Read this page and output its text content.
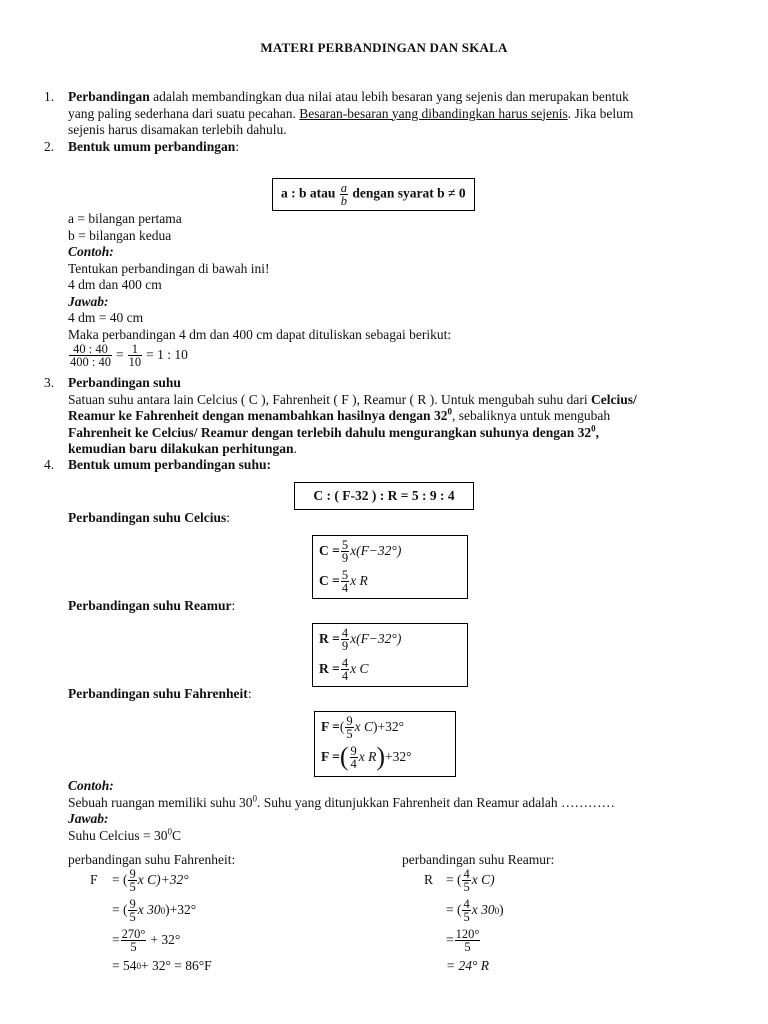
MATERI PERBANDINGAN DAN SKALA
1. Perbandingan adalah membandingkan dua nilai atau lebih besaran yang sejenis dan merupakan bentuk
yang paling sederhana dari suatu pecahan. Besaran-besaran yang dibandingkan harus sejenis. Jika belum
sejenis harus disamakan terlebih dahulu.
2. Bentuk umum perbandingan:
a : b atau $\frac{a}{b}$ dengan syarat b ≠ 0
a = bilangan pertama
b = bilangan kedua
Contoh:
Tentukan perbandingan di bawah ini!
4 dm dan 400 cm
Jawab:
4 dm = 40 cm
Maka perbandingan 4 dm dan 400 cm dapat dituliskan sebagai berikut:
$\frac{40 : 40}{400 : 40} = \frac{1}{10} = 1$ : 10
3. Perbandingan suhu
Satuan suhu antara lain Celcius ( C ), Fahrenheit ( F ), Reamur ( R ). Untuk mengubah suhu dari Celcius/
Reamur ke Fahrenheit dengan menambahkan hasilnya dengan $32^0$, sebaliknya untuk mengubah
Fahrenheit ke Celcius/ Reamur dengan terlebih dahulu mengurangkan suhunya dengan $32^0$,
kemudian baru dilakukan perhitungan.
4. Bentuk umum perbandingan suhu:
C : ( F-32 ) : R = 5 : 9 : 4
Perbandingan suhu Celcius:
$C = \frac{5}{9} x(F-32^\circ)$
$C = \frac{5}{4}$ x R
Perbandingan suhu Reamur:
$R = \frac{4}{9} x(F-32^\circ)$
$R = \frac{4}{4}$ x C
Perbandingan suhu Fahrenheit:
F = ( $\frac{9}{5}$ x C ) +32°
F = ( $\frac{9}{4}$ x R ) +32°
Contoh:
Sebuah ruangan memiliki suhu $30^0$. Suhu yang ditunjukkan Fahrenheit dan Reamur adalah …………
Jawab:
Suhu Celcius = $30^0C$
perbandingan suhu Fahrenheit:
F	= ( $\frac{9}{5}$ x C)+32°
= ( $\frac{9}{5}$ x 30 0 )+32°
= $\frac{270^\circ}{5} + 32^\circ$
= 54 0 + 32° = 86°F
perbandingan suhu Reamur:
R = ( $\frac{4}{5}$ x C)
= ( $\frac{4}{5}$ x 30 0 )
= $\frac{120^\circ}{5}$
= 24° R
